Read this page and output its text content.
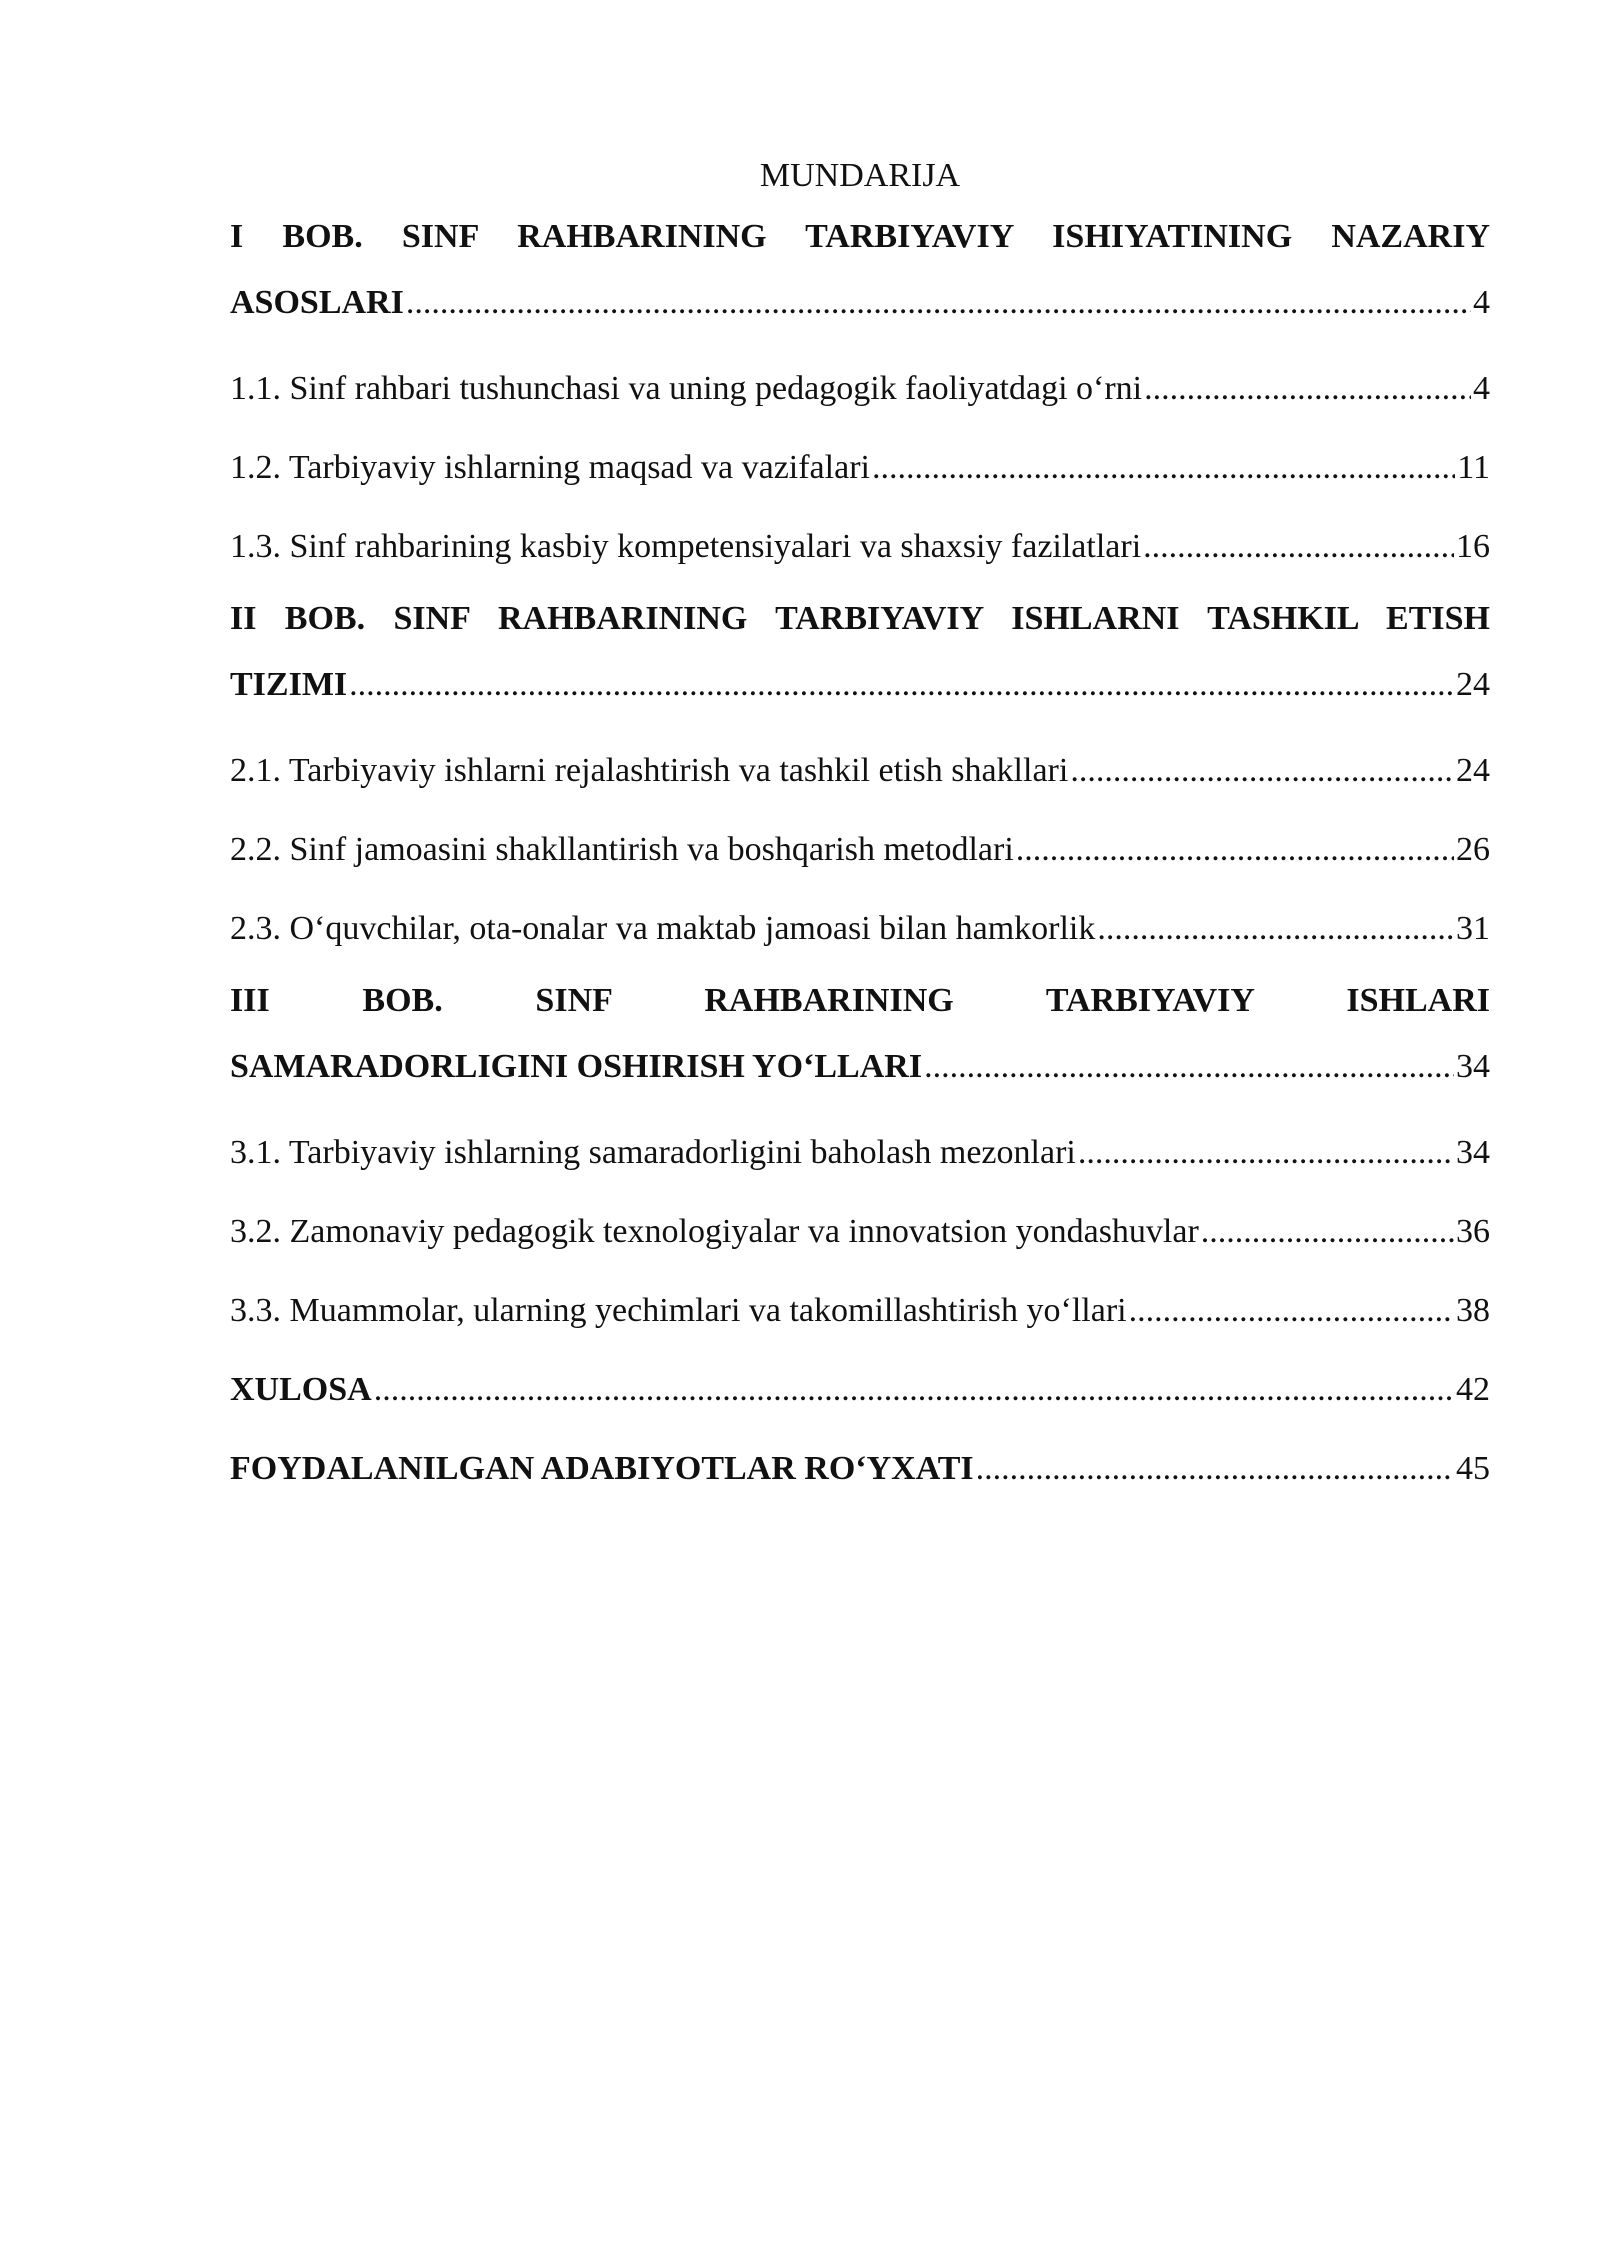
MUNDARIJA
I BOB. SINF RAHBARINING TARBIYAVIY ISHIYATINING NAZARIY
ASOSLARI .....	4
1.1. Sinf rahbari tushunchasi va uning pedagogik faoliyatdagi o‘rni .....	4
1.2. Tarbiyaviy ishlarning maqsad va vazifalari .....	11
1.3. Sinf rahbarining kasbiy kompetensiyalari va shaxsiy fazilatlari .....	16
II BOB. SINF RAHBARINING TARBIYAVIY ISHLARNI TASHKIL ETISH
TIZIMI .....	24
2.1. Tarbiyaviy ishlarni rejalashtirish va tashkil etish shakllari .....	24
2.2. Sinf jamoasini shakllantirish va boshqarish metodlari .....	26
2.3. O‘quvchilar, ota-onalar va maktab jamoasi bilan hamkorlik .....	31
III BOB. SINF RAHBARINING TARBIYAVIY ISHLARI
SAMARADORLIGINI OSHIRISH YO‘LLARI .....	34
3.1. Tarbiyaviy ishlarning samaradorligini baholash mezonlari .....	34
3.2. Zamonaviy pedagogik texnologiyalar va innovatsion yondashuvlar .....	36
3.3. Muammolar, ularning yechimlari va takomillashtirish yo‘llari .....	38
XULOSA .....	42
FOYDALANILGAN ADABIYOTLAR RO‘YXATI .....	45
